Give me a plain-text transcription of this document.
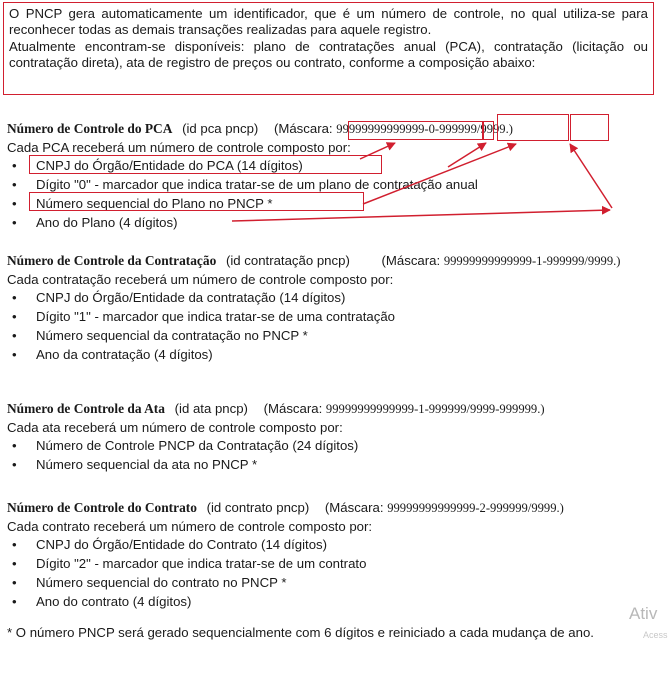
O PNCP gera automaticamente um identificador, que é um número de controle, no qual utiliza-se para reconhecer todas as demais transações realizadas para aquele registro.

Atualmente encontram-se disponíveis: plano de contratações anual (PCA), contratação (licitação ou contratação direta), ata de registro de preços ou contrato, conforme a composição abaixo:

Número de Controle do PCA (id pca pncp) (Máscara: 99999999999999-0-999999/9999.)

Cada PCA receberá um número de controle composto por:

• CNPJ do Órgão/Entidade do PCA (14 dígitos)
• Dígito "0" - marcador que indica tratar-se de um plano de contratação anual
• Número sequencial do Plano no PNCP *
• Ano do Plano (4 dígitos)

Número de Controle da Contratação (id contratação pncp) (Máscara: 99999999999999-1-999999/9999.)

Cada contratação receberá um número de controle composto por:

• CNPJ do Órgão/Entidade da contratação (14 dígitos)
• Dígito "1" - marcador que indica tratar-se de uma contratação
• Número sequencial da contratação no PNCP *
• Ano da contratação (4 dígitos)

Número de Controle da Ata (id ata pncp) (Máscara: 99999999999999-1-999999/9999-999999.)

Cada ata receberá um número de controle composto por:

• Número de Controle PNCP da Contratação (24 dígitos)
• Número sequencial da ata no PNCP *

Número de Controle do Contrato (id contrato pncp) (Máscara: 99999999999999-2-999999/9999.)

Cada contrato receberá um número de controle composto por:

• CNPJ do Órgão/Entidade do Contrato (14 dígitos)
• Dígito "2" - marcador que indica tratar-se de um contrato
• Número sequencial do contrato no PNCP *
• Ano do contrato (4 dígitos)
Ativ
Acess

* O número PNCP será gerado sequencialmente com 6 dígitos e reiniciado a cada mudança de ano.
